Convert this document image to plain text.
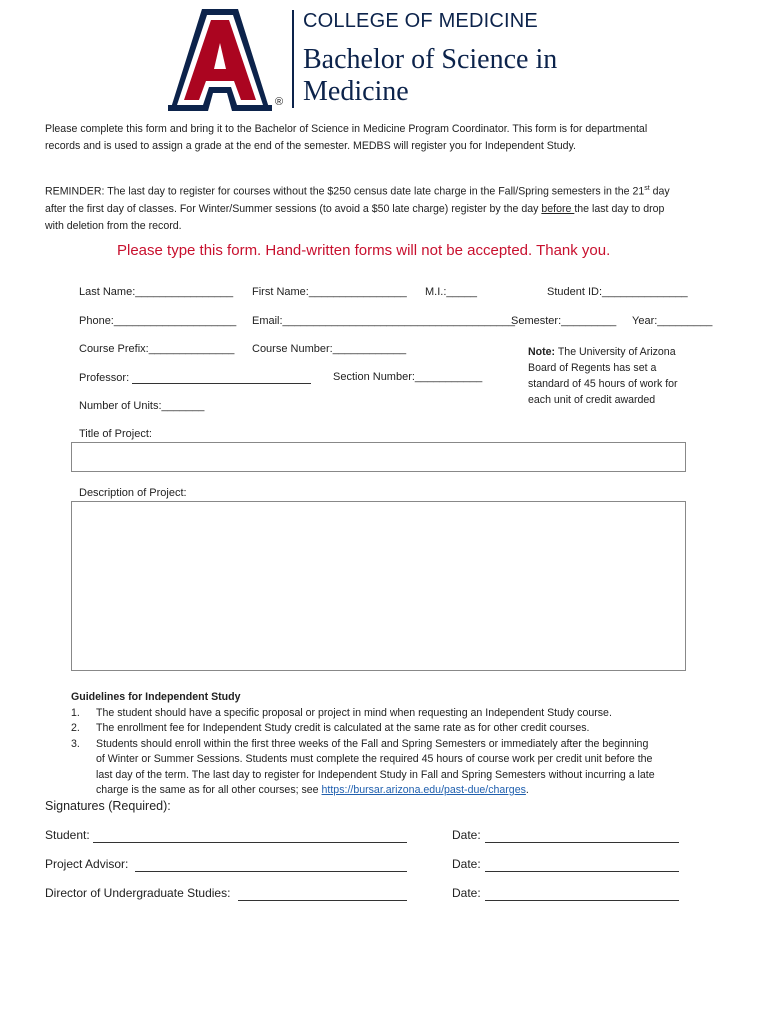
®
COLLEGE OF MEDICINE
Bachelor of Science in
Medicine
Please complete this form and bring it to the Bachelor of Science in Medicine Program Coordinator. This form is for departmental
records and is used to assign a grade at the end of the semester. MEDBS will register you for Independent Study.
REMINDER: The last day to register for courses without the $250 census date late charge in the Fall/Spring semesters in the 21st day
after the first day of classes. For Winter/Summer sessions (to avoid a $50 late charge) register by the day before the last day to drop
with deletion from the record.
Please type this form. Hand-written forms will not be accepted. Thank you.
Last Name:________________ First Name:________________ M.I.:_____	Student ID:______________
Phone:____________________ Email:______________________________________
Semester:_________ Year:_________
Course Prefix:______________ Course Number:____________
Professor:	Section Number:___________
Number of Units:_______
Note: The University of Arizona
Board of Regents has set a
standard of 45 hours of work for
each unit of credit awarded
Title of Project:
Description of Project:
Guidelines for Independent Study
1.	The student should have a specific proposal or project in mind when requesting an Independent Study course.
2.	The enrollment fee for Independent Study credit is calculated at the same rate as for other credit courses.
3.	Students should enroll within the first three weeks of the Fall and Spring Semesters or immediately after the beginning
of Winter or Summer Sessions. Students must complete the required 45 hours of course work per credit unit before the
last day of the term. The last day to register for Independent Study in Fall and Spring Semesters without incurring a late
charge is the same as for all other courses; see https://bursar.arizona.edu/past-due/charges.
Signatures (Required):
Student:	Date:
Project Advisor:	Date:
Director of Undergraduate Studies:	Date:
